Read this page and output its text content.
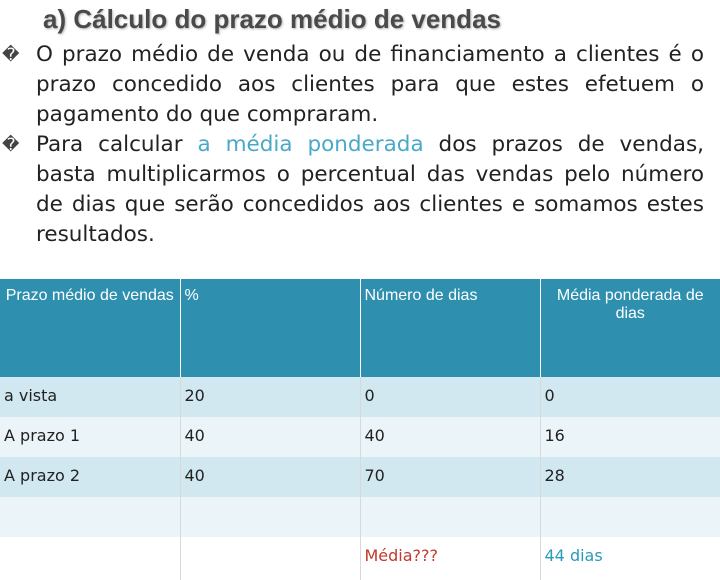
a) Cálculo do prazo médio de vendas
� O prazo médio de venda ou de financiamento a clientes é o prazo concedido aos clientes para que estes efetuem o pagamento do que compraram.
� Para calcular a média ponderada dos prazos de vendas, basta multiplicarmos o percentual das vendas pelo número de dias que serão concedidos aos clientes e somamos estes resultados.
Prazo médio de vendas	%	Número de dias	Média ponderada de dias
a vista	20	0	0
A prazo 1	40	40	16
A prazo 2	40	70	28

		Média???	44 dias
